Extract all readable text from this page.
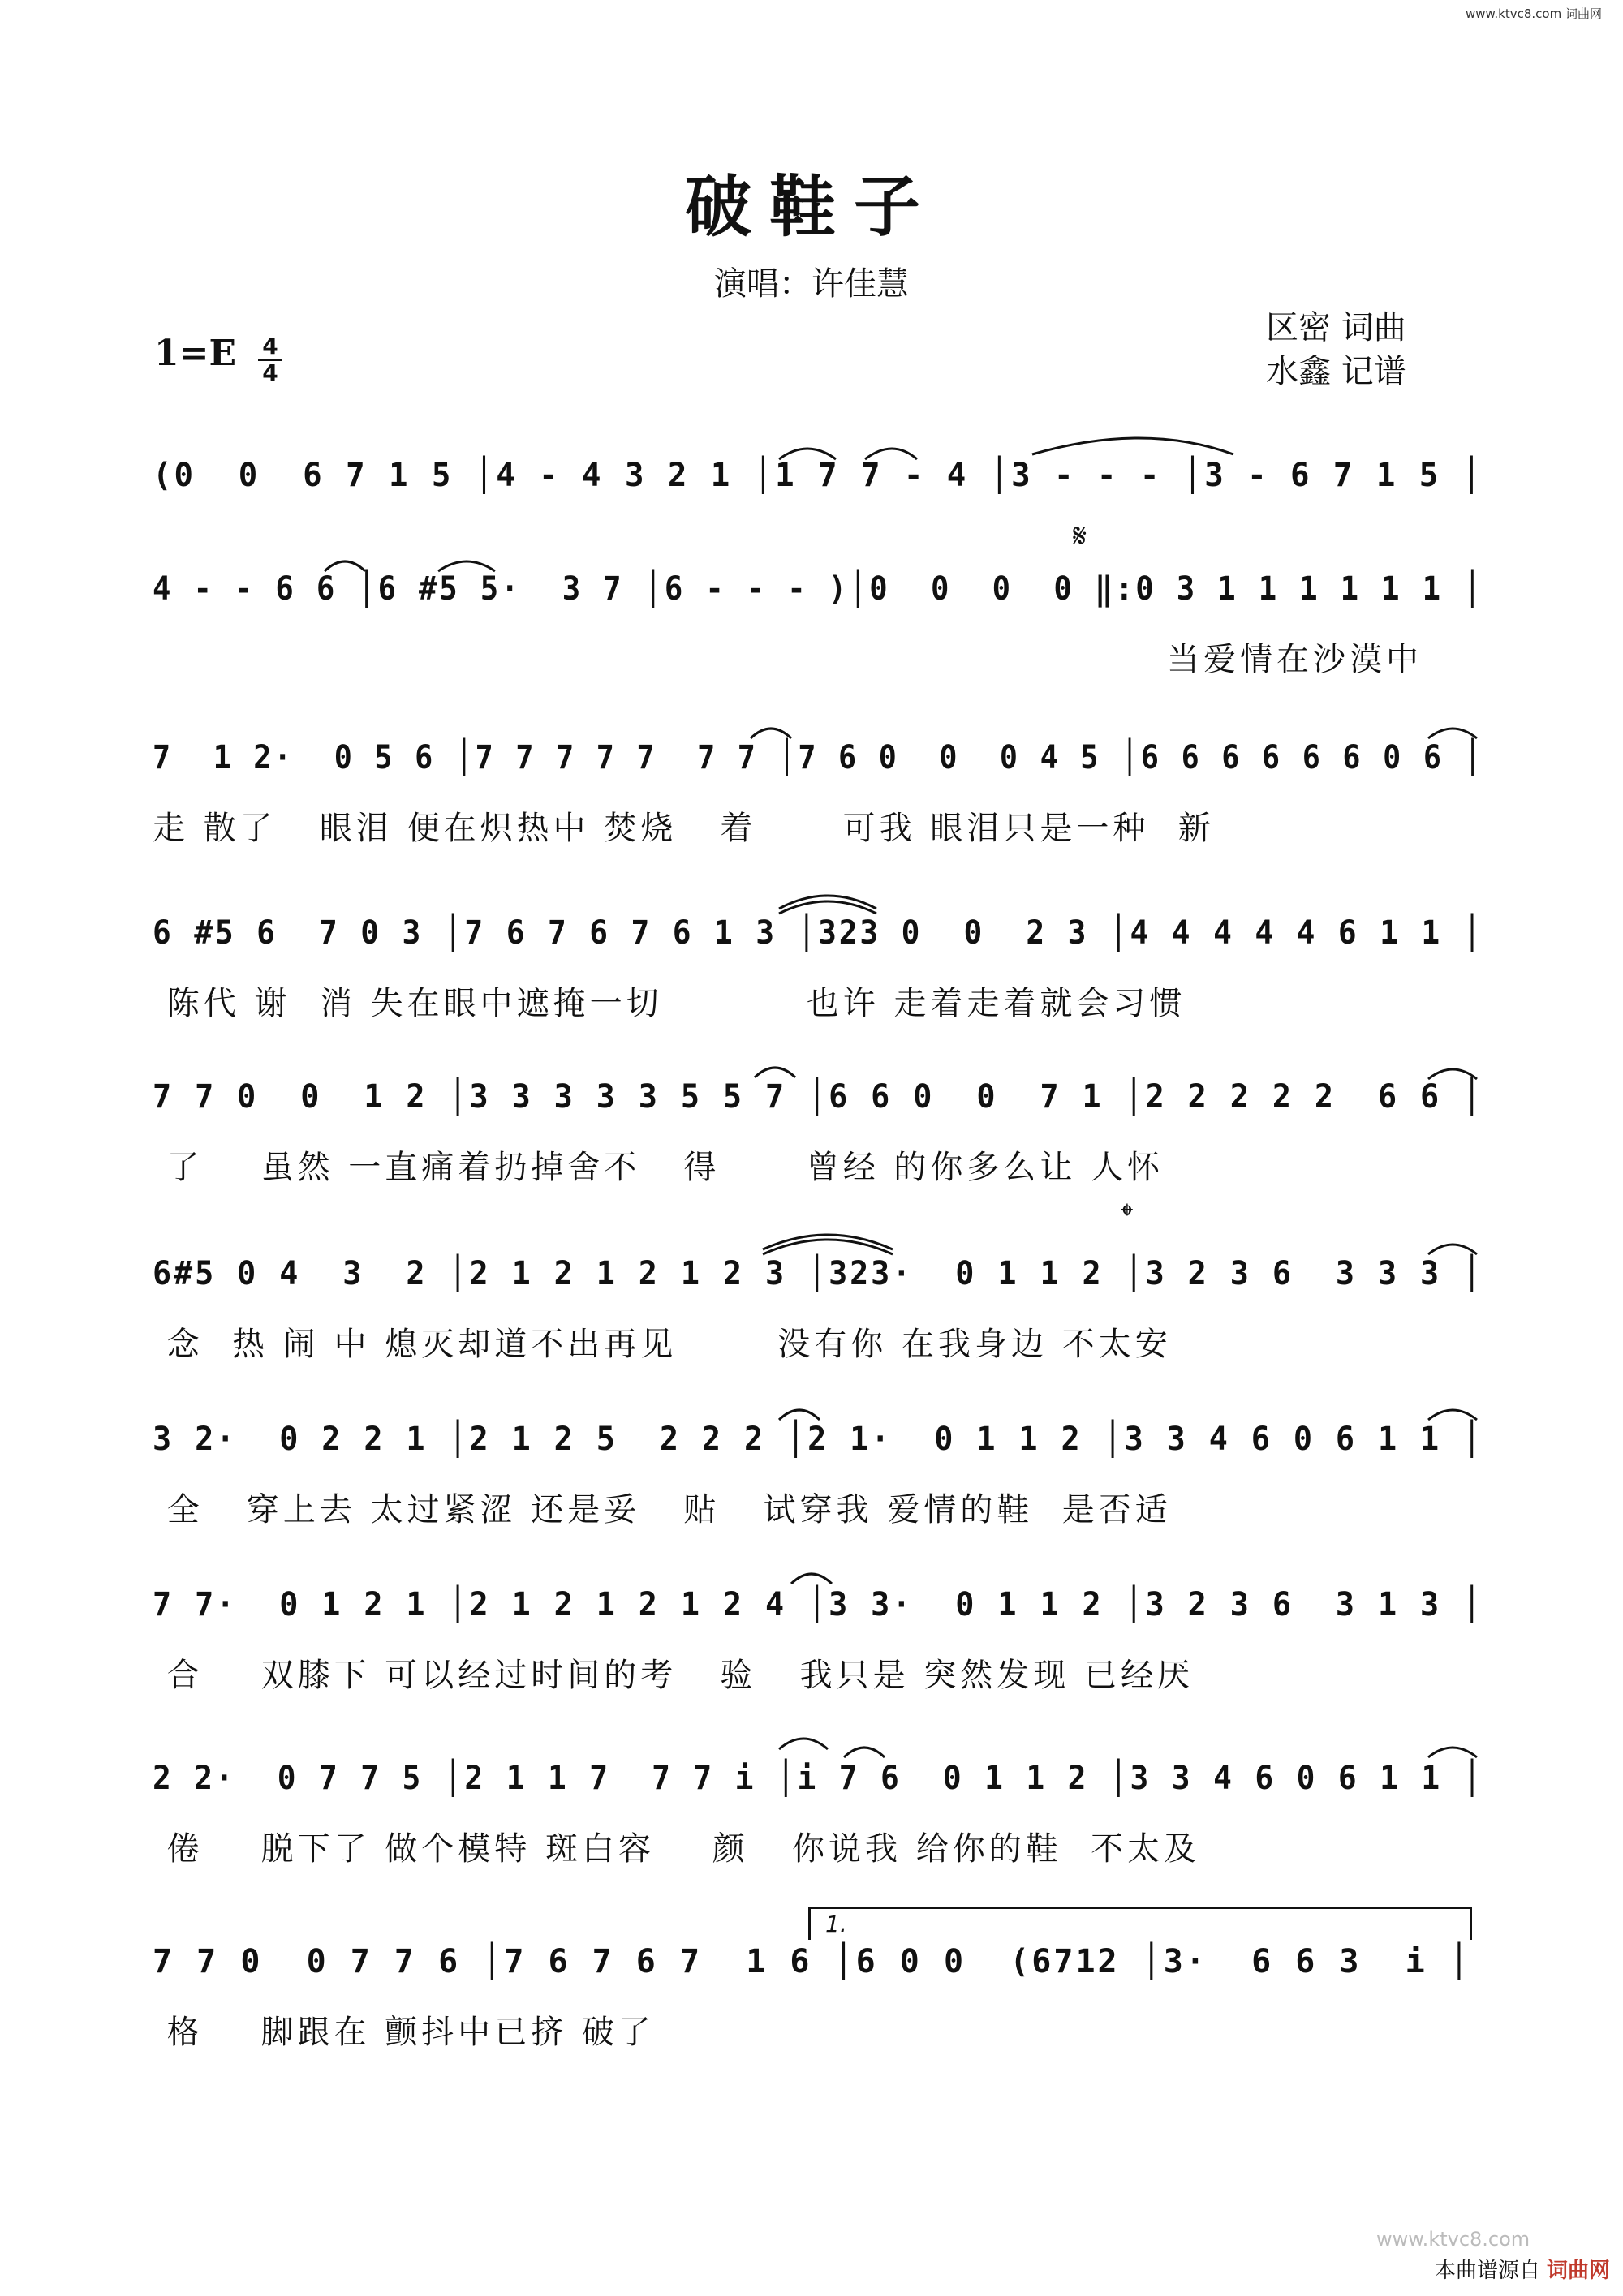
www.ktvc8.com 词曲网
破鞋子
演唱：许佳慧
区密 词曲
水鑫 记谱
$1=E \frac{4}{4}$
𝄋
𝄌
1.
(0  0  6 7 1 5 │4 - 4 3 2 1 │1 7 7 - 4 │3 - - - │3 - 6 7 1 5 │
4 - - 6 6 │6 #5 5·  3 7 │6 - - - )│0  0  0  0 ‖:0 3 1 1 1 1 1 1 │
当爱情在沙漠中
7  1 2·  0 5 6 │7 7 7 7 7  7 7 │7 6 0  0  0 4 5 │6 6 6 6 6 6 0 6 │
走 散了   眼泪 便在炽热中 焚烧   着      可我 眼泪只是一种  新
6 #5 6  7 0 3 │7 6 7 6 7 6 1 3 │323 0  0  2 3 │4 4 4 4 4 6 1 1 │
陈代 谢  消 失在眼中遮掩一切          也许 走着走着就会习惯
7 7 0  0  1 2 │3 3 3 3 3 5 5 7 │6 6 0  0  7 1 │2 2 2 2 2  6 6 │
了    虽然 一直痛着扔掉舍不   得      曾经 的你多么让 人怀
6#5 0 4  3  2 │2 1 2 1 2 1 2 3 │323·  0 1 1 2 │3 2 3 6  3 3 3 │
念  热 闹 中 熄灭却道不出再见       没有你 在我身边 不太安
3 2·  0 2 2 1 │2 1 2 5  2 2 2 │2 1·  0 1 1 2 │3 3 4 6 0 6 1 1 │
全   穿上去 太过紧涩 还是妥   贴   试穿我 爱情的鞋  是否适
7 7·  0 1 2 1 │2 1 2 1 2 1 2 4 │3 3·  0 1 1 2 │3 2 3 6  3 1 3 │
合    双膝下 可以经过时间的考   验   我只是 突然发现 已经厌
2 2·  0 7 7 5 │2 1 1 7  7 7 i │i 7 6  0 1 1 2 │3 3 4 6 0 6 1 1 │
倦    脱下了 做个模特 斑白容    颜   你说我 给你的鞋  不太及
7 7 0  0 7 7 6 │7 6 7 6 7  1 6 │6 0 0  (6712 │3·  6 6 3  i │
格    脚跟在 颤抖中已挤 破了
www.ktvc8.com
本曲谱源自 词曲网
